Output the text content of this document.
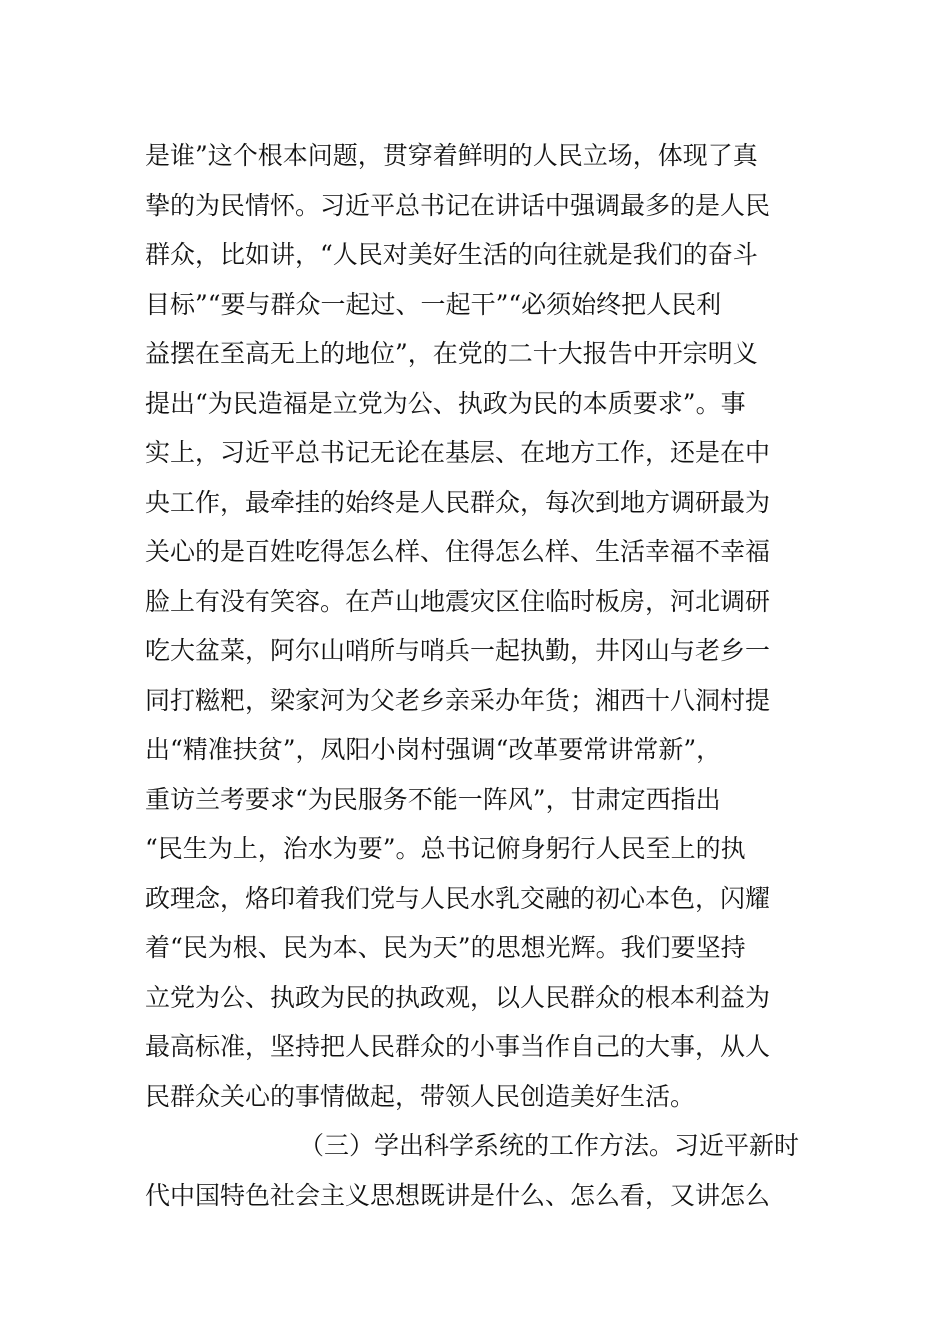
是谁”这个根本问题，贯穿着鲜明的人民立场，体现了真
挚的为民情怀。习近平总书记在讲话中强调最多的是人民
群众，比如讲，“人民对美好生活的向往就是我们的奋斗
目标”“要与群众一起过、一起干”“必须始终把人民利
益摆在至高无上的地位”，在党的二十大报告中开宗明义
提出“为民造福是立党为公、执政为民的本质要求”。事
实上，习近平总书记无论在基层、在地方工作，还是在中
央工作，最牵挂的始终是人民群众，每次到地方调研最为
关心的是百姓吃得怎么样、住得怎么样、生活幸福不幸福
脸上有没有笑容。在芦山地震灾区住临时板房，河北调研
吃大盆菜，阿尔山哨所与哨兵一起执勤，井冈山与老乡一
同打糍粑，梁家河为父老乡亲采办年货；湘西十八洞村提
出“精准扶贫”，凤阳小岗村强调“改革要常讲常新”，
重访兰考要求“为民服务不能一阵风”，甘肃定西指出
“民生为上，治水为要”。总书记俯身躬行人民至上的执
政理念，烙印着我们党与人民水乳交融的初心本色，闪耀
着“民为根、民为本、民为天”的思想光辉。我们要坚持
立党为公、执政为民的执政观，以人民群众的根本利益为
最高标准，坚持把人民群众的小事当作自己的大事，从人
民群众关心的事情做起，带领人民创造美好生活。
（三）学出科学系统的工作方法。习近平新时
代中国特色社会主义思想既讲是什么、怎么看，又讲怎么
